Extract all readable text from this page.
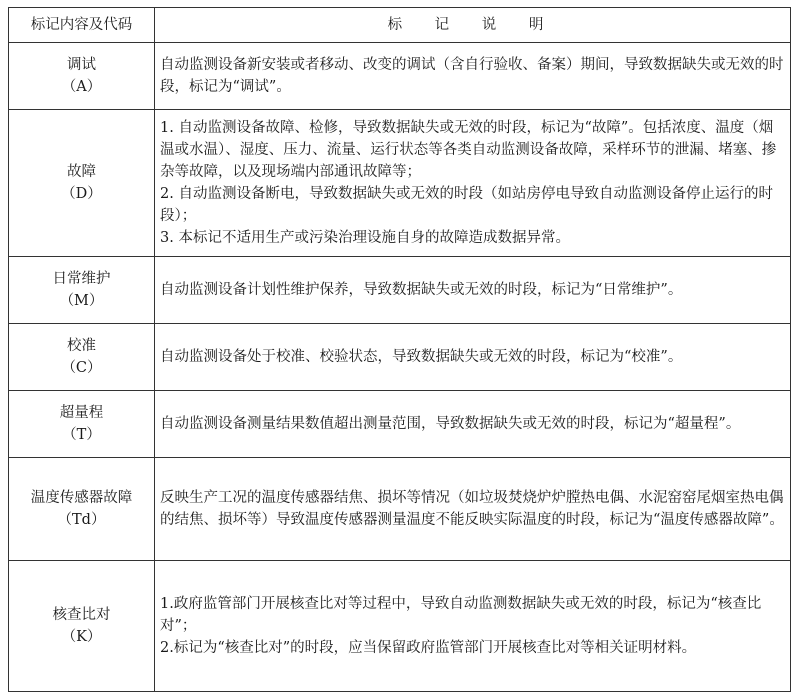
标记内容及代码	标 记 说 明

调试
（A）	自动监测设备新安装或者移动、改变的调试（含自行验收、备案）期间，导致数据缺失或无效的时段，标记为“调试”。

故障
（D）	1. 自动监测设备故障、检修，导致数据缺失或无效的时段，标记为“故障”。包括浓度、温度（烟温或水温）、湿度、压力、流量、运行状态等各类自动监测设备故障，采样环节的泄漏、堵塞、掺杂等故障，以及现场端内部通讯故障等；
2. 自动监测设备断电，导致数据缺失或无效的时段（如站房停电导致自动监测设备停止运行的时段）；
3. 本标记不适用生产或污染治理设施自身的故障造成数据异常。

日常维护
（M）	自动监测设备计划性维护保养，导致数据缺失或无效的时段，标记为“日常维护”。

校准
（C）	自动监测设备处于校准、校验状态，导致数据缺失或无效的时段，标记为“校准”。

超量程
（T）	自动监测设备测量结果数值超出测量范围，导致数据缺失或无效的时段，标记为“超量程”。

温度传感器故障
（Td）	反映生产工况的温度传感器结焦、损坏等情况（如垃圾焚烧炉炉膛热电偶、水泥窑窑尾烟室热电偶的结焦、损坏等）导致温度传感器测量温度不能反映实际温度的时段，标记为“温度传感器故障”。

核查比对
（K）	1.政府监管部门开展核查比对等过程中，导致自动监测数据缺失或无效的时段，标记为“核查比对”；
2.标记为“核查比对”的时段，应当保留政府监管部门开展核查比对等相关证明材料。
